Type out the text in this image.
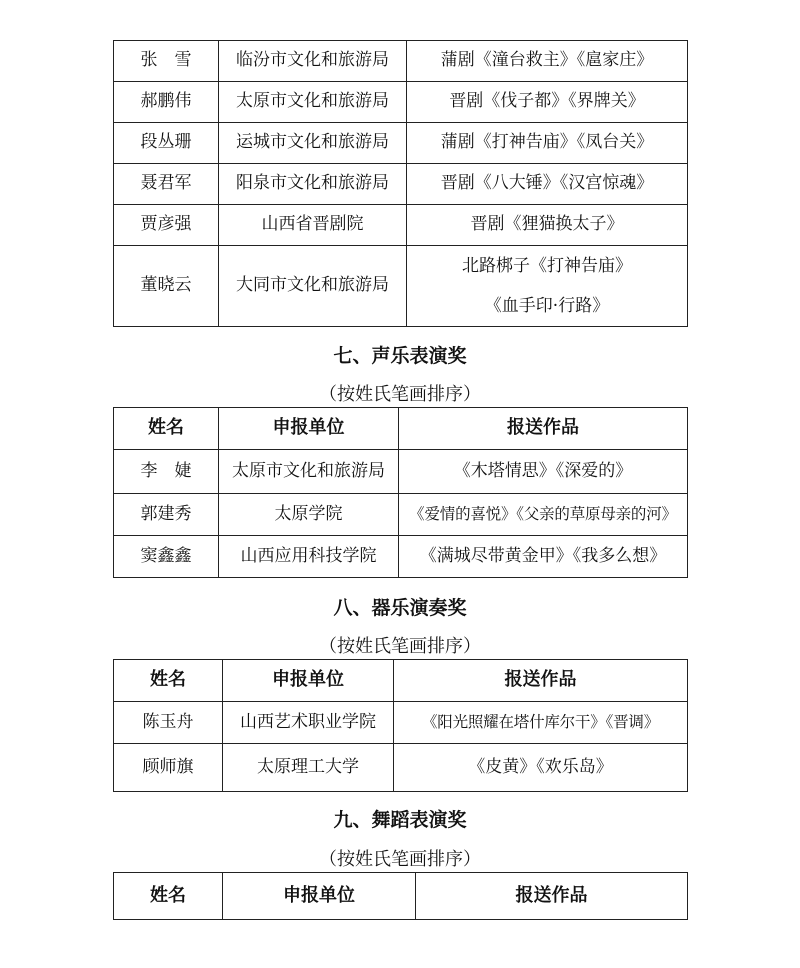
张　雪	临汾市文化和旅游局	蒲剧《潼台救主》《扈家庄》
郝鹏伟	太原市文化和旅游局	晋剧《伐子都》《界牌关》
段丛珊	运城市文化和旅游局	蒲剧《打神告庙》《凤台关》
聂君军	阳泉市文化和旅游局	晋剧《八大锤》《汉宫惊魂》
贾彦强	山西省晋剧院	晋剧《狸猫换太子》
董晓云	大同市文化和旅游局	北路梆子《打神告庙》
《血手印·行路》
七、声乐表演奖
（按姓氏笔画排序）
姓名	申报单位	报送作品
李　婕	太原市文化和旅游局	《木塔情思》《深爱的》
郭建秀	太原学院	《爱情的喜悦》《父亲的草原母亲的河》
窦鑫鑫	山西应用科技学院	《满城尽带黄金甲》《我多么想》
八、器乐演奏奖
（按姓氏笔画排序）
姓名	申报单位	报送作品
陈玉舟	山西艺术职业学院	《阳光照耀在塔什库尔干》《晋调》
顾师旗	太原理工大学	《皮黄》《欢乐岛》
九、舞蹈表演奖
（按姓氏笔画排序）
姓名	申报单位	报送作品
